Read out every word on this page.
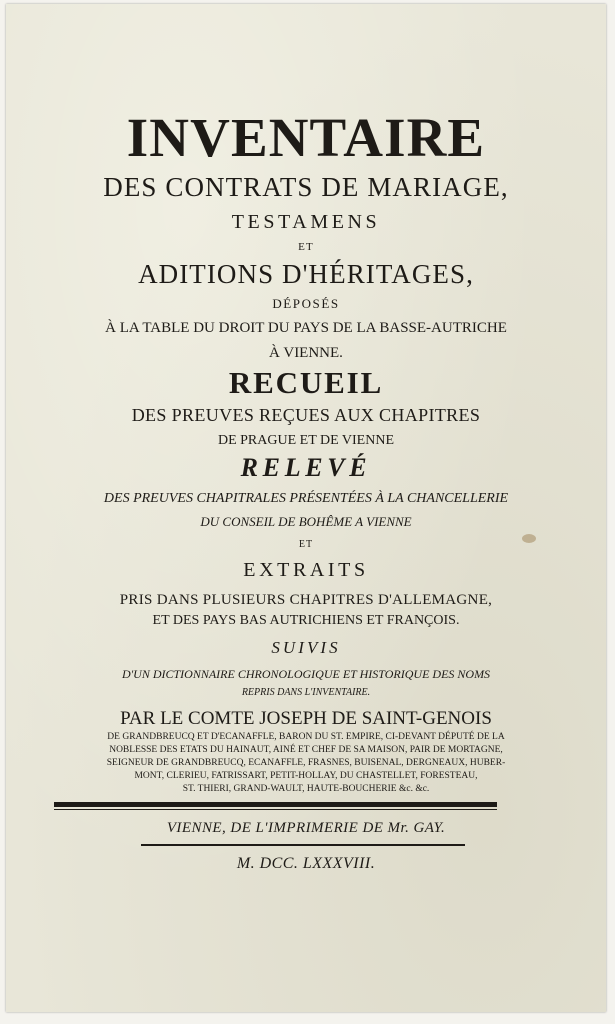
INVENTAIRE
DES CONTRATS DE MARIAGE,
TESTAMENS
ET
ADITIONS D'HÉRITAGES,
DÉPOSÉS
À LA TABLE DU DROIT DU PAYS DE LA BASSE-AUTRICHE
À VIENNE.
RECUEIL
DES PREUVES REÇUES AUX CHAPITRES
DE PRAGUE ET DE VIENNE
RELEVÉ
DES PREUVES CHAPITRALES PRÉSENTÉES À LA CHANCELLERIE
DU CONSEIL DE BOHÊME A VIENNE
ET
EXTRAITS
PRIS DANS PLUSIEURS CHAPITRES D'ALLEMAGNE,
ET DES PAYS BAS AUTRICHIENS ET FRANÇOIS.
SUIVIS
D'UN DICTIONNAIRE CHRONOLOGIQUE ET HISTORIQUE DES NOMS
REPRIS DANS L'INVENTAIRE.
PAR LE COMTE JOSEPH DE SAINT-GENOIS
DE GRANDBREUCQ ET D'ECANAFFLE, BARON DU ST. EMPIRE, CI-DEVANT DÉPUTÉ DE LA
NOBLESSE DES ETATS DU HAINAUT, AINÉ ET CHEF DE SA MAISON, PAIR DE MORTAGNE,
SEIGNEUR DE GRANDBREUCQ, ECANAFFLE, FRASNES, BUISENAL, DERGNEAUX, HUBER-
MONT, CLERIEU, FATRISSART, PETIT-HOLLAY, DU CHASTELLET, FORESTEAU,
ST. THIERI, GRAND-WAULT, HAUTE-BOUCHERIE &c. &c.
VIENNE, DE L'IMPRIMERIE DE Mr. GAY.
M. DCC. LXXXVIII.
